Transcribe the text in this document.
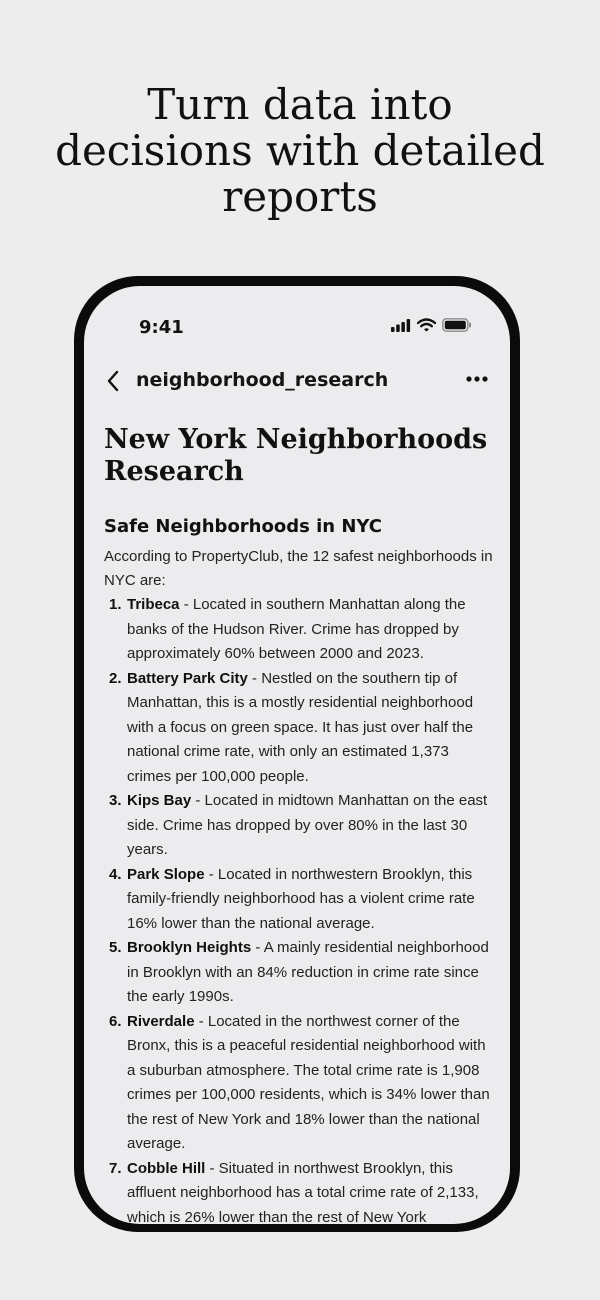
Turn data into
decisions with detailed
reports
9:41
neighborhood_research
New York Neighborhoods Research
Safe Neighborhoods in NYC

According to PropertyClub, the 12 safest neighborhoods in NYC are:

1. Tribeca - Located in southern Manhattan along the banks of the Hudson River. Crime has dropped by approximately 60% between 2000 and 2023.
2. Battery Park City - Nestled on the southern tip of Manhattan, this is a mostly residential neighborhood with a focus on green space. It has just over half the national crime rate, with only an estimated 1,373 crimes per 100,000 people.
3. Kips Bay - Located in midtown Manhattan on the east side. Crime has dropped by over 80% in the last 30 years.
4. Park Slope - Located in northwestern Brooklyn, this family-friendly neighborhood has a violent crime rate 16% lower than the national average.
5. Brooklyn Heights - A mainly residential neighborhood in Brooklyn with an 84% reduction in crime rate since the early 1990s.
6. Riverdale - Located in the northwest corner of the Bronx, this is a peaceful residential neighborhood with a suburban atmosphere. The total crime rate is 1,908 crimes per 100,000 residents, which is 34% lower than the rest of New York and 18% lower than the national average.
7. Cobble Hill - Situated in northwest Brooklyn, this affluent neighborhood has a total crime rate of 2,133, which is 26% lower than the rest of New York
